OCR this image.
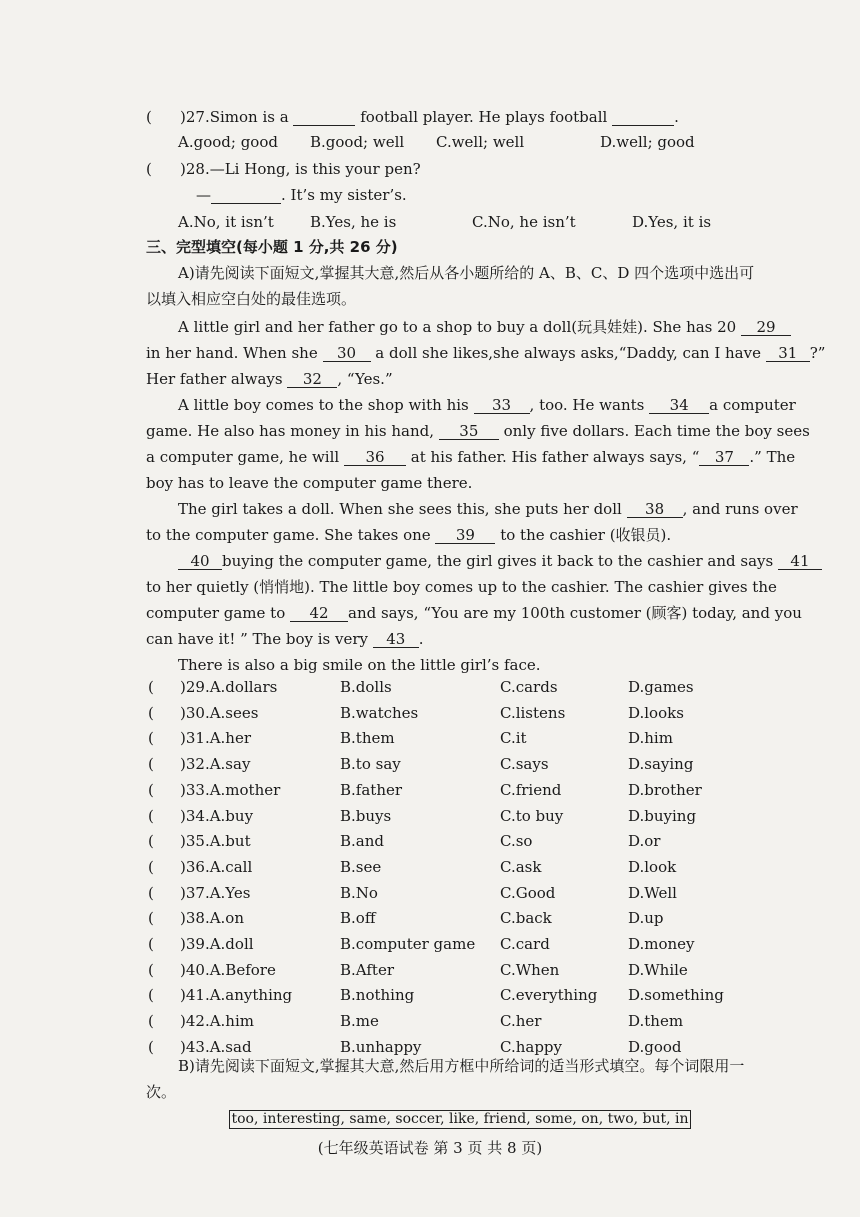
( )27.Simon is a	football player. He plays football	.
A.good; good B.good; well C.well; well	D.well; good
( )28.—Li Hong, is this your pen?
—	. It’s my sister’s.
A.No, it isn’t B.Yes, he is	C.No, he isn’t	D.Yes, it is
三、完型填空(每小题 1 分,共 26 分)
A)请先阅读下面短文,掌握其大意,然后从各小题所给的 A、B、C、D 四个选项中选出可
以填入相应空白处的最佳选项。
A little girl and her father go to a shop to buy a doll(玩具娃娃). She has 20 29
in her hand. When she 30 a doll she likes,she always asks,“Daddy, can I have 31 ?”
Her father always 32 , “Yes.”
A little boy comes to the shop with his 33 , too. He wants 34 a computer
game. He also has money in his hand, 35 only five dollars. Each time the boy sees
a computer game, he will 36 at his father. His father always says, “ 37 .” The
boy has to leave the computer game there.
The girl takes a doll. When she sees this, she puts her doll 38 , and runs over
to the computer game. She takes one 39 to the cashier (收银员).
40 buying the computer game, the girl gives it back to the cashier and says 41
to her quietly (悄悄地). The little boy comes up to the cashier. The cashier gives the
computer game to 42 and says, “You are my 100th customer (顾客) today, and you
can have it! ” The boy is very 43 .
There is also a big smile on the little girl’s face.
( )29.A.dollars	B.dolls	C.cards	D.games
( )30.A.sees	B.watches	C.listens	D.looks
( )31.A.her	B.them	C.it	D.him
( )32.A.say	B.to say	C.says	D.saying
( )33.A.mother	B.father	C.friend	D.brother
( )34.A.buy	B.buys	C.to buy	D.buying
( )35.A.but	B.and	C.so	D.or
( )36.A.call	B.see	C.ask	D.look
( )37.A.Yes	B.No	C.Good	D.Well
( )38.A.on	B.off	C.back	D.up
( )39.A.doll	B.computer game C.card	D.money
( )40.A.Before	B.After	C.When	D.While
( )41.A.anything	B.nothing	C.everything D.something
( )42.A.him	B.me	C.her	D.them
( )43.A.sad	B.unhappy	C.happy	D.good
B)请先阅读下面短文,掌握其大意,然后用方框中所给词的适当形式填空。每个词限用一
次。
too, interesting, same, soccer, like, friend, some, on, two, but, in
(七年级英语试卷 第 3 页 共 8 页)
